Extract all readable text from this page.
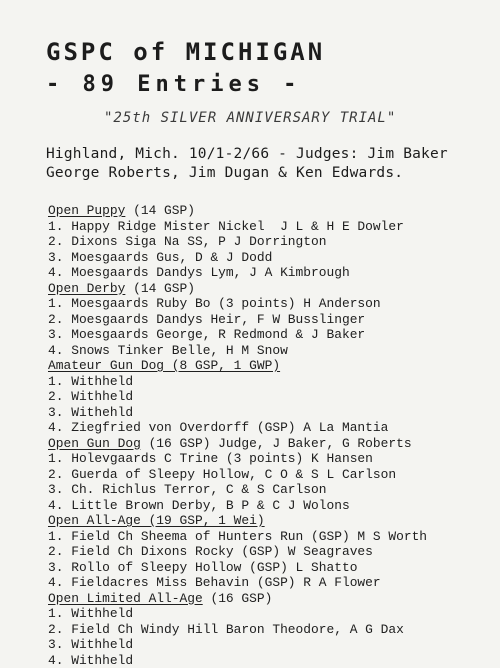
GSPC of MICHIGAN
- 89 Entries -
"25th SILVER ANNIVERSARY TRIAL"
Highland, Mich. 10/1-2/66 - Judges: Jim Baker
George Roberts, Jim Dugan & Ken Edwards.
Open Puppy (14 GSP)
1. Happy Ridge Mister Nickel  J L & H E Dowler
2. Dixons Siga Na SS, P J Dorrington
3. Moesgaards Gus, D & J Dodd
4. Moesgaards Dandys Lym, J A Kimbrough
Open Derby (14 GSP)
1. Moesgaards Ruby Bo (3 points) H Anderson
2. Moesgaards Dandys Heir, F W Busslinger
3. Moesgaards George, R Redmond & J Baker
4. Snows Tinker Belle, H M Snow
Amateur Gun Dog (8 GSP, 1 GWP)
1. Withheld
2. Withheld
3. Withehld
4. Ziegfried von Overdorff (GSP) A La Mantia
Open Gun Dog (16 GSP) Judge, J Baker, G Roberts
1. Holevgaards C Trine (3 points) K Hansen
2. Guerda of Sleepy Hollow, C O & S L Carlson
3. Ch. Richlus Terror, C & S Carlson
4. Little Brown Derby, B P & C J Wolons
Open All-Age (19 GSP, 1 Wei)
1. Field Ch Sheema of Hunters Run (GSP) M S Worth
2. Field Ch Dixons Rocky (GSP) W Seagraves
3. Rollo of Sleepy Hollow (GSP) L Shatto
4. Fieldacres Miss Behavin (GSP) R A Flower
Open Limited All-Age (16 GSP)
1. Withheld
2. Field Ch Windy Hill Baron Theodore, A G Dax
3. Withheld
4. Withheld
